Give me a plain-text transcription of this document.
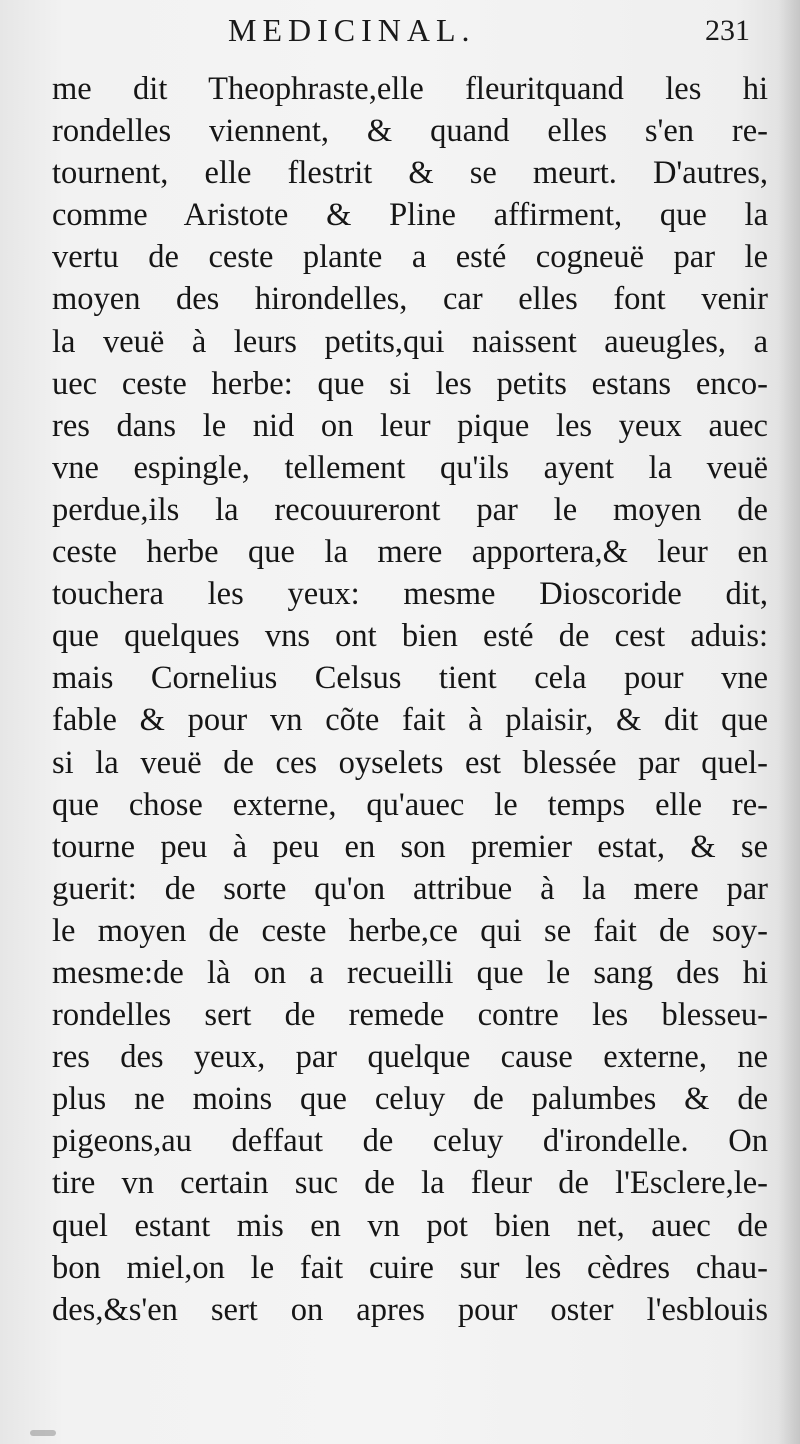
MEDICINAL.	231
me dit Theophraste,elle fleuritquand les hi
rondelles viennent, & quand elles s'en re-
tournent, elle flestrit & se meurt. D'autres,
comme Aristote & Pline affirment, que la
vertu de ceste plante a esté cogneuë par le
moyen des hirondelles, car elles font venir
la veuë à leurs petits,qui naissent aueugles, a
uec ceste herbe: que si les petits estans enco-
res dans le nid on leur pique les yeux auec
vne espingle, tellement qu'ils ayent la veuë
perdue,ils la recouureront par le moyen de
ceste herbe que la mere apportera,& leur en
touchera les yeux: mesme Dioscoride dit,
que quelques vns ont bien esté de cest aduis:
mais Cornelius Celsus tient cela pour vne
fable & pour vn cõte fait à plaisir, & dit que
si la veuë de ces oyselets est blessée par quel-
que chose externe, qu'auec le temps elle re-
tourne peu à peu en son premier estat, & se
guerit: de sorte qu'on attribue à la mere par
le moyen de ceste herbe,ce qui se fait de soy-
mesme:de là on a recueilli que le sang des hi
rondelles sert de remede contre les blesseu-
res des yeux, par quelque cause externe, ne
plus ne moins que celuy de palumbes & de
pigeons,au deffaut de celuy d'irondelle. On
tire vn certain suc de la fleur de l'Esclere,le-
quel estant mis en vn pot bien net, auec de
bon miel,on le fait cuire sur les cèdres chau-
des,&s'en sert on apres pour oster l'esblouis
